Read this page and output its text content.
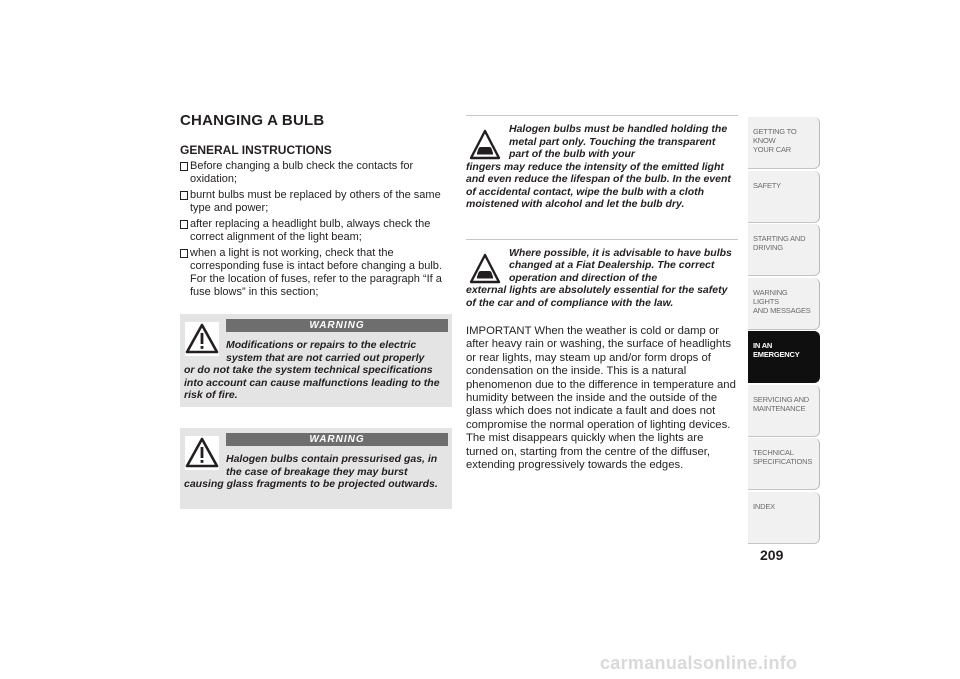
CHANGING A BULB
GENERAL INSTRUCTIONS
Before changing a bulb check the contacts for oxidation;
burnt bulbs must be replaced by others of the same type and power;
after replacing a headlight bulb, always check the correct alignment of the light beam;
when a light is not working, check that the corresponding fuse is intact before changing a bulb. For the location of fuses, refer to the paragraph “If a fuse blows” in this section;
WARNING
Modifications or repairs to the electric system that are not carried out properly
or do not take the system technical specifications into account can cause malfunctions leading to the risk of fire.
WARNING
Halogen bulbs contain pressurised gas, in the case of breakage they may burst
causing glass fragments to be projected outwards.
Halogen bulbs must be handled holding the metal part only. Touching the transparent part of the bulb with your
fingers may reduce the intensity of the emitted light and even reduce the lifespan of the bulb. In the event of accidental contact, wipe the bulb with a cloth moistened with alcohol and let the bulb dry.
Where possible, it is advisable to have bulbs changed at a Fiat Dealership. The correct operation and direction of the
external lights are absolutely essential for the safety of the car and of compliance with the law.
IMPORTANT When the weather is cold or damp or after heavy rain or washing, the surface of headlights or rear lights, may steam up and/or form drops of condensation on the inside. This is a natural phenomenon due to the difference in temperature and humidity between the inside and the outside of the glass which does not indicate a fault and does not compromise the normal operation of lighting devices. The mist disappears quickly when the lights are turned on, starting from the centre of the diffuser, extending progressively towards the edges.
GETTING TO KNOW
YOUR CAR
SAFETY
STARTING AND
DRIVING
WARNING LIGHTS
AND MESSAGES
IN AN
EMERGENCY
SERVICING AND
MAINTENANCE
TECHNICAL
SPECIFICATIONS
INDEX
209
carmanualsonline.info
